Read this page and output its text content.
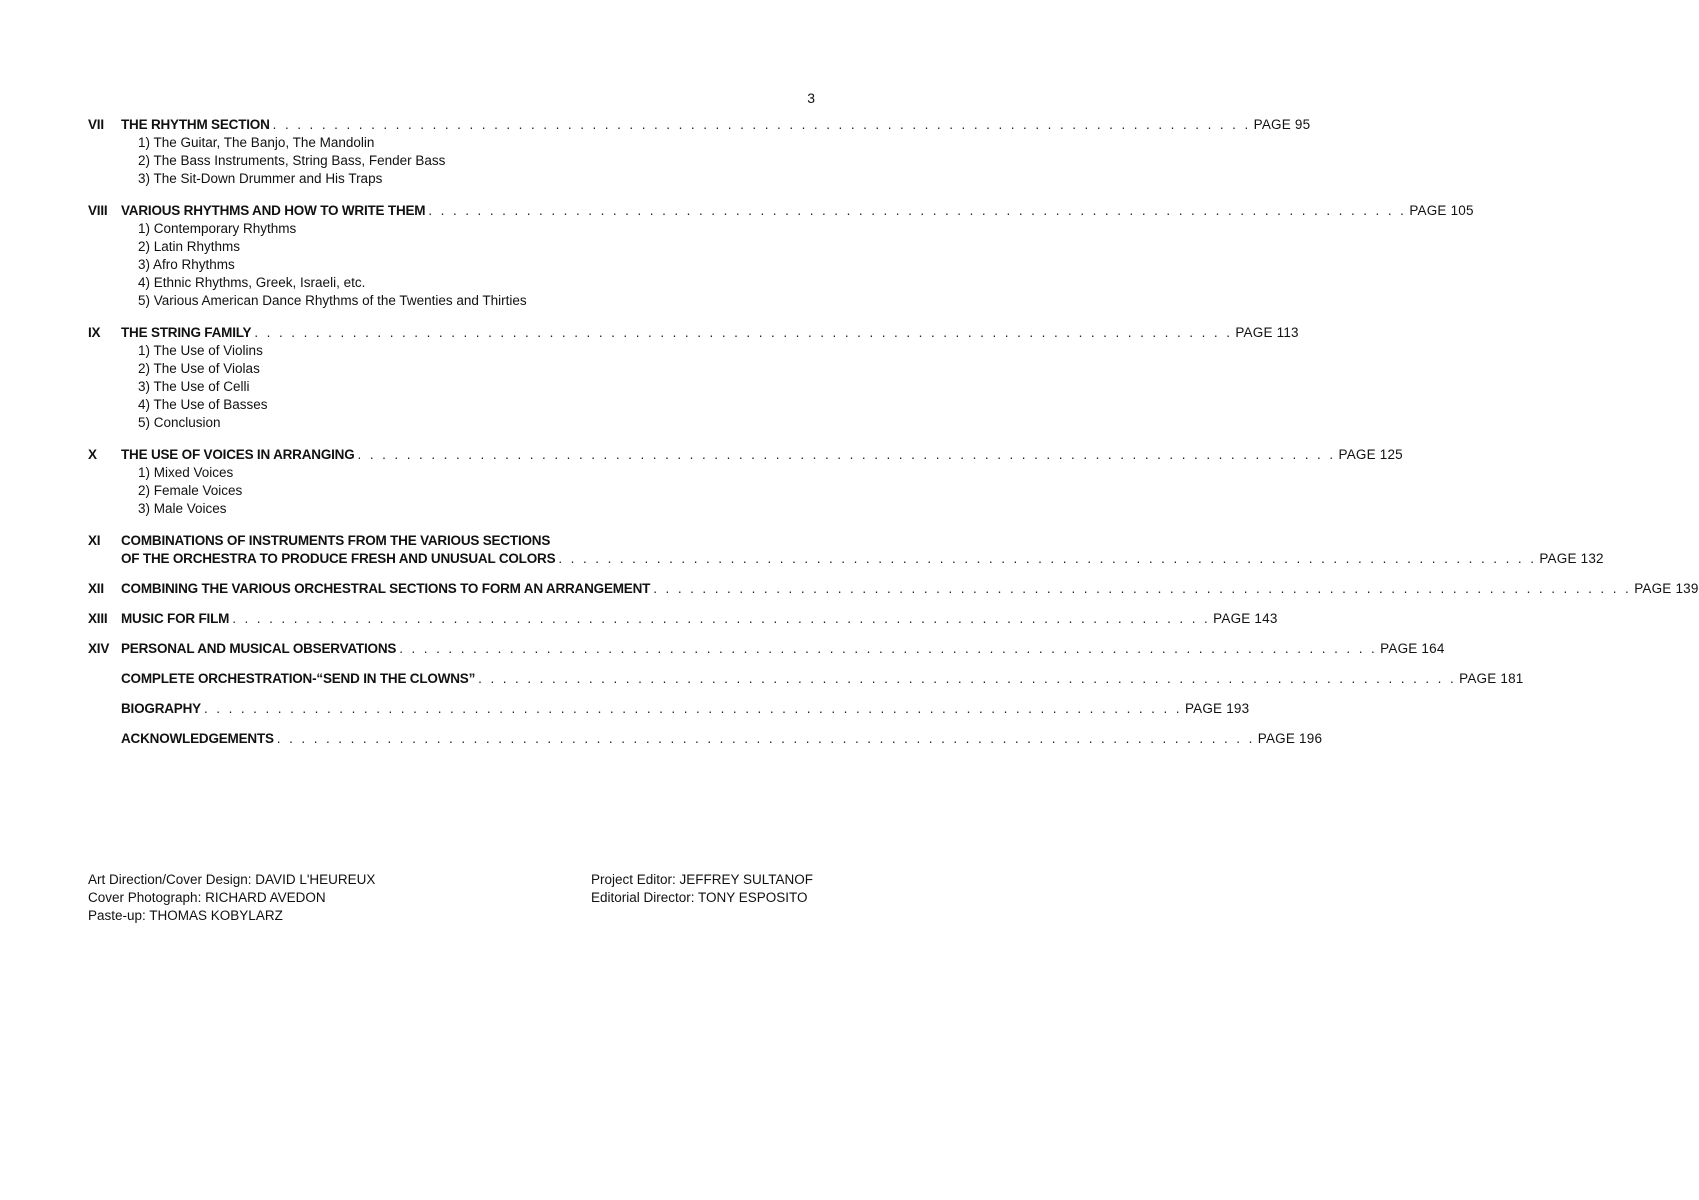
3
VII	THE RHYTHM SECTION . . . . . . . . . . . . . . . . . . . . . . . . . . . . . . . . . . . . . . . . . . . . . . . . . . . . . . . . . . . . . . . . . . . . . . . . . . . . . . . . PAGE 95
1) The Guitar, The Banjo, The Mandolin
2) The Bass Instruments, String Bass, Fender Bass
3) The Sit-Down Drummer and His Traps
VIII	VARIOUS RHYTHMS AND HOW TO WRITE THEM . . . . . . . . . . . . . . . . . . . . . . . . . . . . . . . . . . . . . . . . . . . . . . . . . . . . . . . . . . . . . . . . . . . . . . . . . . . . . . . . PAGE 105
1) Contemporary Rhythms
2) Latin Rhythms
3) Afro Rhythms
4) Ethnic Rhythms, Greek, Israeli, etc.
5) Various American Dance Rhythms of the Twenties and Thirties
IX	THE STRING FAMILY . . . . . . . . . . . . . . . . . . . . . . . . . . . . . . . . . . . . . . . . . . . . . . . . . . . . . . . . . . . . . . . . . . . . . . . . . . . . . . . . PAGE 113
1) The Use of Violins
2) The Use of Violas
3) The Use of Celli
4) The Use of Basses
5) Conclusion
X	THE USE OF VOICES IN ARRANGING . . . . . . . . . . . . . . . . . . . . . . . . . . . . . . . . . . . . . . . . . . . . . . . . . . . . . . . . . . . . . . . . . . . . . . . . . . . . . . . . PAGE 125
1) Mixed Voices
2) Female Voices
3) Male Voices
XI	COMBINATIONS OF INSTRUMENTS FROM THE VARIOUS SECTIONS
OF THE ORCHESTRA TO PRODUCE FRESH AND UNUSUAL COLORS . . . . . . . . . . . . . . . . . . . . . . . . . . . . . . . . . . . . . . . . . . . . . . . . . . . . . . . . . . . . . . . . . . . . . . . . . . . . . . . . PAGE 132
XII	COMBINING THE VARIOUS ORCHESTRAL SECTIONS TO FORM AN ARRANGEMENT . . . . . . . . . . . . . . . . . . . . . . . . . . . . . . . . . . . . . . . . . . . . . . . . . . . . . . . . . . . . . . . . . . . . . . . . . . . . . . . . PAGE 139
XIII	MUSIC FOR FILM . . . . . . . . . . . . . . . . . . . . . . . . . . . . . . . . . . . . . . . . . . . . . . . . . . . . . . . . . . . . . . . . . . . . . . . . . . . . . . . . PAGE 143
XIV PERSONAL AND MUSICAL OBSERVATIONS . . . . . . . . . . . . . . . . . . . . . . . . . . . . . . . . . . . . . . . . . . . . . . . . . . . . . . . . . . . . . . . . . . . . . . . . . . . . . . . . PAGE 164
COMPLETE ORCHESTRATION-“SEND IN THE CLOWNS” . . . . . . . . . . . . . . . . . . . . . . . . . . . . . . . . . . . . . . . . . . . . . . . . . . . . . . . . . . . . . . . . . . . . . . . . . . . . . . . . PAGE 181
BIOGRAPHY . . . . . . . . . . . . . . . . . . . . . . . . . . . . . . . . . . . . . . . . . . . . . . . . . . . . . . . . . . . . . . . . . . . . . . . . . . . . . . . . PAGE 193
ACKNOWLEDGEMENTS . . . . . . . . . . . . . . . . . . . . . . . . . . . . . . . . . . . . . . . . . . . . . . . . . . . . . . . . . . . . . . . . . . . . . . . . . . . . . . . . PAGE 196
Art Direction/Cover Design: DAVID L'HEUREUX
Cover Photograph: RICHARD AVEDON
Paste-up: THOMAS KOBYLARZ
Project Editor: JEFFREY SULTANOF
Editorial Director: TONY ESPOSITO
